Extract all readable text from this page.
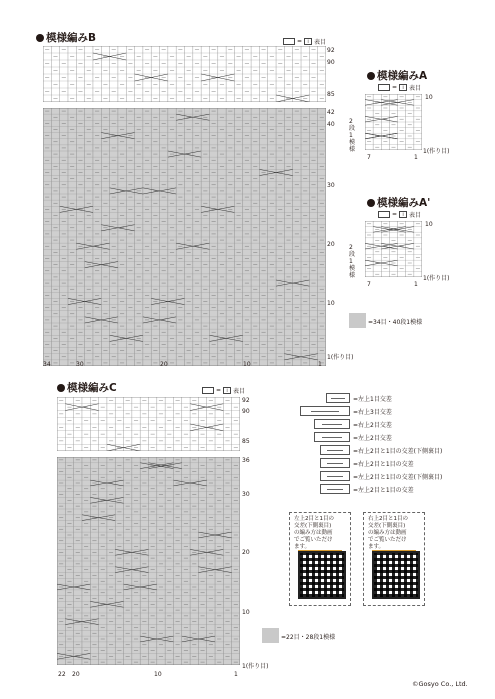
模様編みB	=	I 表目
92
90
85
42
40
30
20
10
1(作り目)
34	30	20	10	1
模様編みA
=	I 表目
10
1(作り目)
7	1
2段1模様
模様編みA'
=	I 表目
10
1(作り目)
7	1
2段1模様
=34目・40段1模様
模様編みC	=	I 表目
92
90
85
36
30
20
10
1(作り目)
22 20	10	1
=22目・28段1模様
=左上1目交差
=右上3目交差
=右上2目交差
=左上2目交差
=右上2目と1目の交差(下側裏目)
=右上2目と1目の交差
=左上2目と1目の交差(下側裏目)
=左上2目と1目の交差
左上2目と1目の
交差(下側裏目)
の編み方は動画
でご覧いただけ
ます。
右上2目と1目の
交差(下側裏目)
の編み方は動画
でご覧いただけ
ます。
©Gosyo Co., Ltd.
